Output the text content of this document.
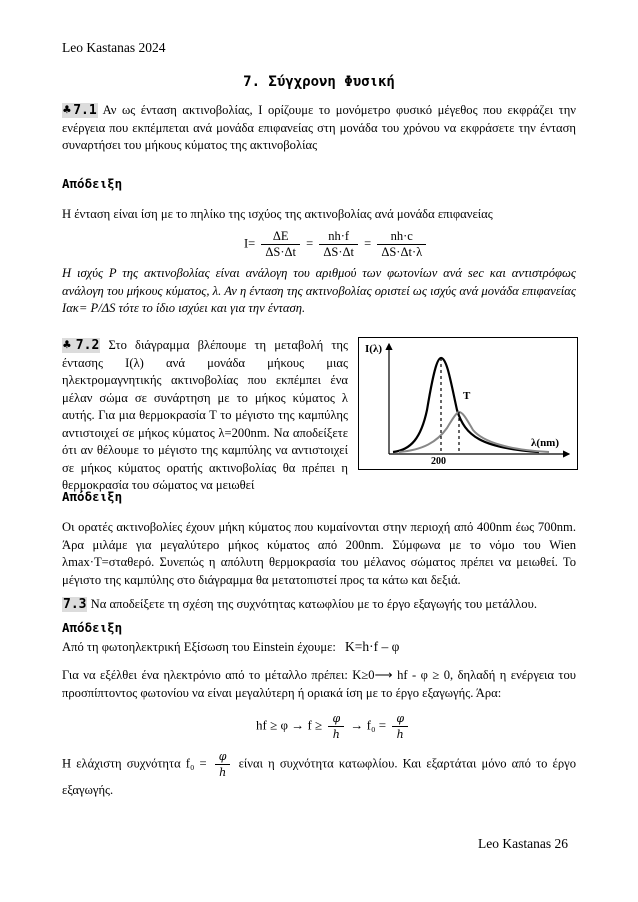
Leo Kastanas 2024
7. Σύγχρονη Φυσική
♣7.1 Αν ως ένταση ακτινοβολίας, Ι ορίζουμε το μονόμετρο φυσικό μέγεθος που εκφράζει την ενέργεια που εκπέμπεται ανά μονάδα επιφανείας στη μονάδα του χρόνου να εκφράσετε την ένταση συναρτήσει του μήκους κύματος της ακτινοβολίας
Απόδειξη
Η ένταση είναι ίση με το πηλίκο της ισχύος της ακτινοβολίας ανά μονάδα επιφανείας
$I= \frac{\Delta E}{\Delta S\cdot\Delta t} = \frac{nh\cdot f}{\Delta S\cdot\Delta t} = \frac{nh\cdot c}{\Delta S\cdot\Delta t\cdot\lambda}$
Η ισχύς P της ακτινοβολίας είναι ανάλογη του αριθμού των φωτονίων ανά sec και αντιστρόφως ανάλογη του μήκους κύματος, λ. Αν η ένταση της ακτινοβολίας οριστεί ως ισχύς ανά μονάδα επιφανείας Ιακ= P/ΔS τότε το ίδιο ισχύει και για την ένταση.
♣7.2 Στο διάγραμμα βλέπουμε τη μεταβολή της έντασης Ι(λ) ανά μονάδα μήκους μιας ηλεκτρομαγνητικής ακτινοβολίας που εκπέμπει ένα μέλαν σώμα σε συνάρτηση με το μήκος κύματος λ αυτής. Για μια θερμοκρασία Τ το μέγιστο της καμπύλης αντιστοιχεί σε μήκος κύματος λ=200nm. Να αποδείξετε ότι αν θέλουμε το μέγιστο της καμπύλης να αντιστοιχεί σε μήκος κύματος ορατής ακτινοβολίας θα πρέπει η θερμοκρασία του σώματος να μειωθεί
I(λ)
T
λ(nm)
200
Απόδειξη
Οι ορατές ακτινοβολίες έχουν μήκη κύματος που κυμαίνονται στην περιοχή από 400nm έως 700nm. Άρα μιλάμε για μεγαλύτερο μήκος κύματος από 200nm. Σύμφωνα με το νόμο του Wien λmax·T=σταθερό. Συνεπώς η απόλυτη θερμοκρασία του μέλανος σώματος πρέπει να μειωθεί. Το μέγιστο της καμπύλης στο διάγραμμα θα μετατοπιστεί προς τα κάτω και δεξιά.
7.3 Να αποδείξετε τη σχέση της συχνότητας κατωφλίου με το έργο εξαγωγής του μετάλλου.
Απόδειξη
Από τη φωτοηλεκτρική Εξίσωση του Einstein έχουμε: K=h·f – φ
Για να εξέλθει ένα ηλεκτρόνιο από το μέταλλο πρέπει: K≥0⟶ hf - φ ≥ 0, δηλαδή η ενέργεια του προσπίπτοντος φωτονίου να είναι μεγαλύτερη ή οριακά ίση με το έργο εξαγωγής. Άρα:
hf ≥ $\varphi \to f \ge \frac{\varphi}{h} \to f_0 = \frac{\varphi}{h}$
Η ελάχιστη συχνότητα $f_0 = \frac{\varphi}{h}$ είναι η συχνότητα κατωφλίου. Και εξαρτάται μόνο από το έργο εξαγωγής.
Leo Kastanas 26
